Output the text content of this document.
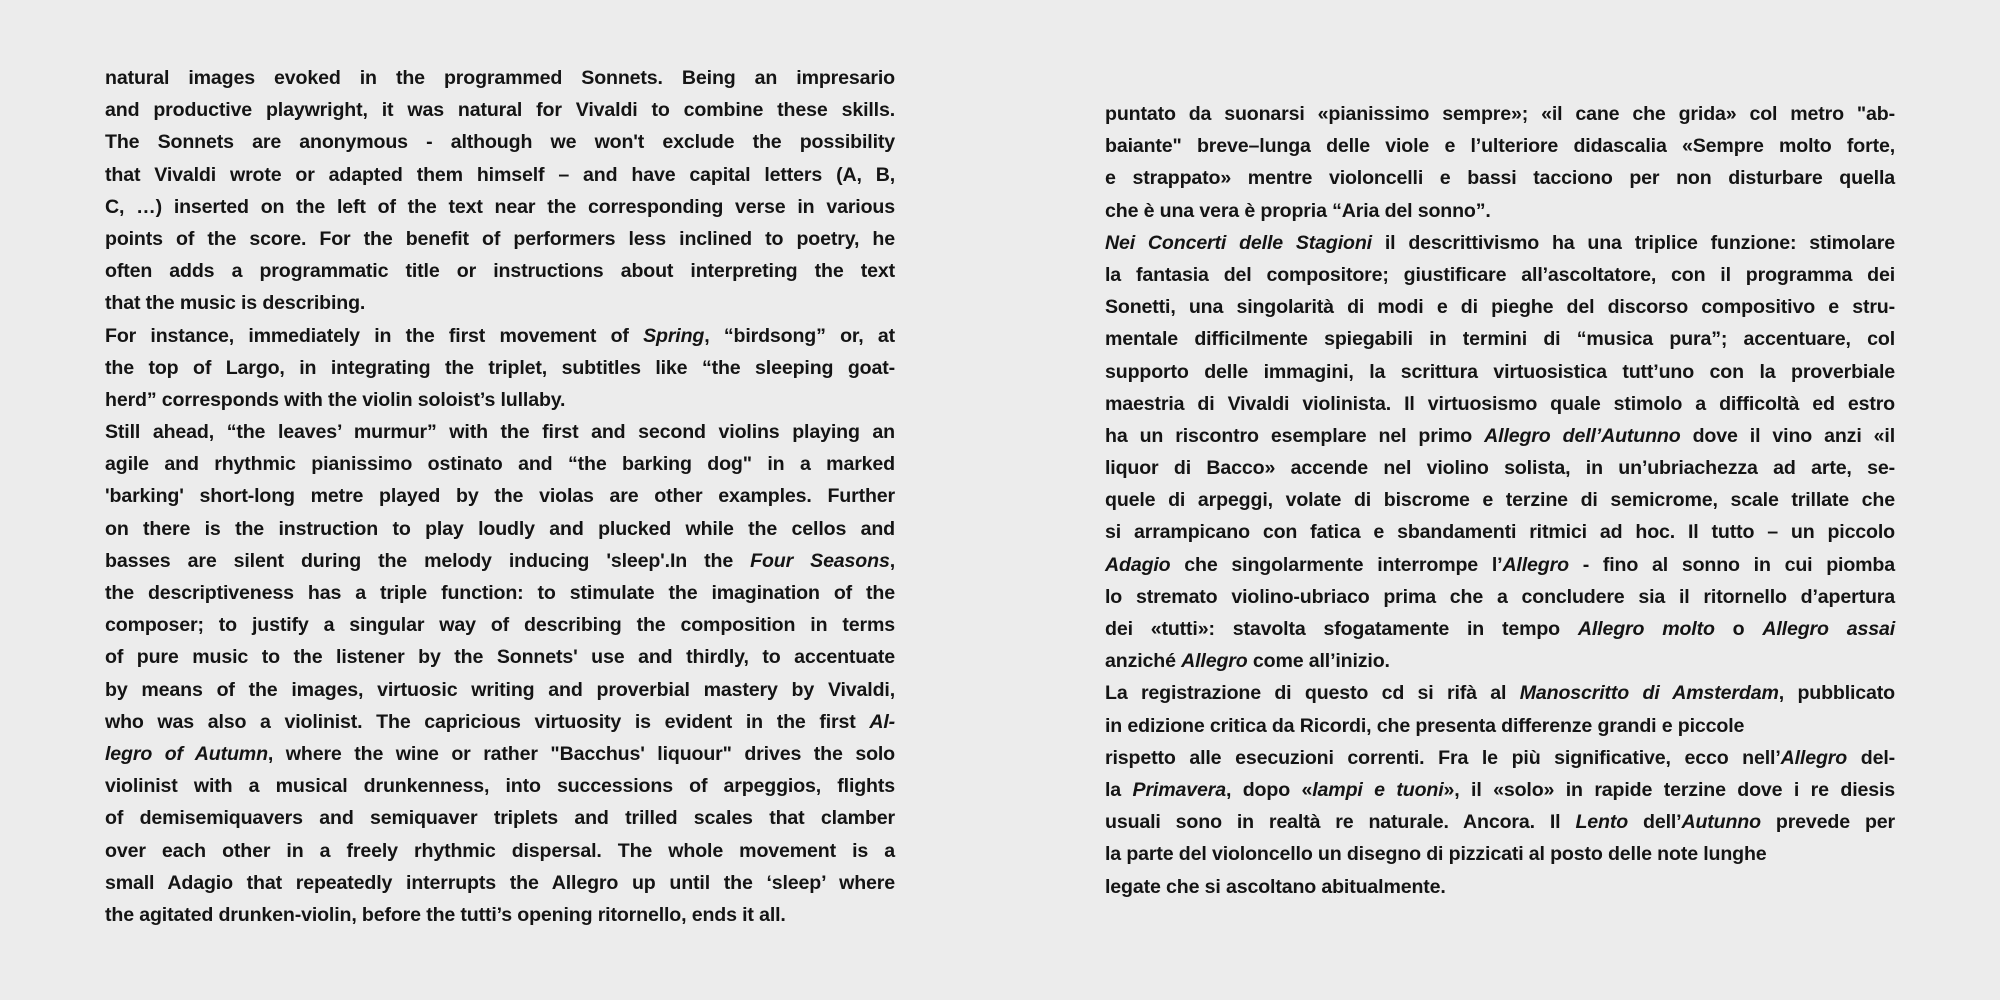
natural images evoked in the programmed Sonnets. Being an impresario
and productive playwright, it was natural for Vivaldi to combine these skills.
The Sonnets are anonymous - although we won't exclude the possibility
that Vivaldi wrote or adapted them himself – and have capital letters (A, B,
C, …) inserted on the left of the text near the corresponding verse in various
points of the score. For the benefit of performers less inclined to poetry, he
often adds a programmatic title or instructions about interpreting the text
that the music is describing.
For instance, immediately in the first movement of Spring, “birdsong” or, at
the top of Largo, in integrating the triplet, subtitles like “the sleeping goat-
herd” corresponds with the violin soloist’s lullaby.
Still ahead, “the leaves’ murmur” with the first and second violins playing an
agile and rhythmic pianissimo ostinato and “the barking dog" in a marked
'barking' short-long metre played by the violas are other examples. Further
on there is the instruction to play loudly and plucked while the cellos and
basses are silent during the melody inducing 'sleep'.In the Four Seasons,
the descriptiveness has a triple function: to stimulate the imagination of the
composer; to justify a singular way of describing the composition in terms
of pure music to the listener by the Sonnets' use and thirdly, to accentuate
by means of the images, virtuosic writing and proverbial mastery by Vivaldi,
who was also a violinist. The capricious virtuosity is evident in the first Al-
legro of Autumn, where the wine or rather "Bacchus' liquour" drives the solo
violinist with a musical drunkenness, into successions of arpeggios, flights
of demisemiquavers and semiquaver triplets and trilled scales that clamber
over each other in a freely rhythmic dispersal. The whole movement is a
small Adagio that repeatedly interrupts the Allegro up until the ‘sleep’ where
the agitated drunken-violin, before the tutti’s opening ritornello, ends it all.
puntato da suonarsi «pianissimo sempre»; «il cane che grida» col metro "ab-
baiante" breve–lunga delle viole e l’ulteriore didascalia «Sempre molto forte,
e strappato» mentre violoncelli e bassi tacciono per non disturbare quella
che è una vera è propria “Aria del sonno”.
Nei Concerti delle Stagioni il descrittivismo ha una triplice funzione: stimolare
la fantasia del compositore; giustificare all’ascoltatore, con il programma dei
Sonetti, una singolarità di modi e di pieghe del discorso compositivo e stru-
mentale difficilmente spiegabili in termini di “musica pura”; accentuare, col
supporto delle immagini, la scrittura virtuosistica tutt’uno con la proverbiale
maestria di Vivaldi violinista. Il virtuosismo quale stimolo a difficoltà ed estro
ha un riscontro esemplare nel primo Allegro dell’Autunno dove il vino anzi «il
liquor di Bacco» accende nel violino solista, in un’ubriachezza ad arte, se-
quele di arpeggi, volate di biscrome e terzine di semicrome, scale trillate che
si arrampicano con fatica e sbandamenti ritmici ad hoc. Il tutto – un piccolo
Adagio che singolarmente interrompe l’Allegro - fino al sonno in cui piomba
lo stremato violino-ubriaco prima che a concludere sia il ritornello d’apertura
dei «tutti»: stavolta sfogatamente in tempo Allegro molto o Allegro assai
anziché Allegro come all’inizio.
La registrazione di questo cd si rifà al Manoscritto di Amsterdam, pubblicato
in edizione critica da Ricordi, che presenta differenze grandi e piccole
rispetto alle esecuzioni correnti. Fra le più significative, ecco nell’Allegro del-
la Primavera, dopo «lampi e tuoni», il «solo» in rapide terzine dove i re diesis
usuali sono in realtà re naturale. Ancora. Il Lento dell’Autunno prevede per
la parte del violoncello un disegno di pizzicati al posto delle note lunghe
legate che si ascoltano abitualmente.
